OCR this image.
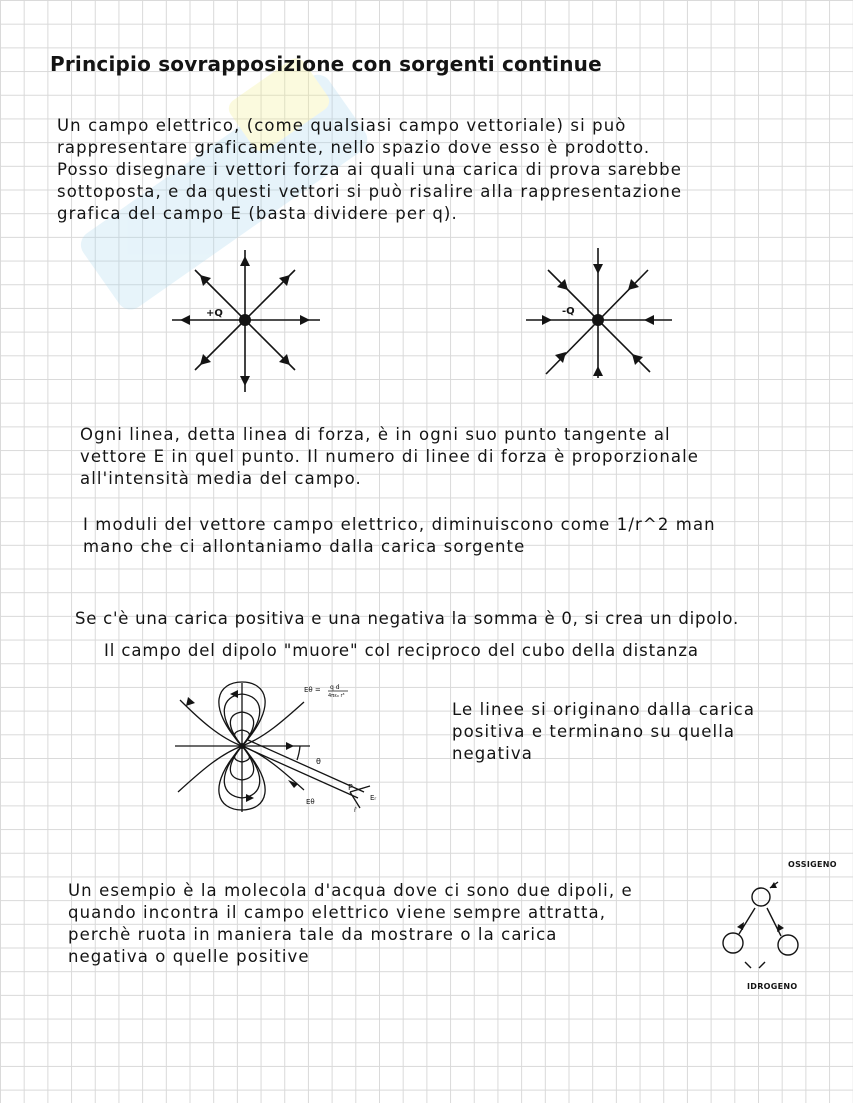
Principio sovrapposizione con sorgenti continue

Un campo elettrico, (come qualsiasi campo vettoriale) si può

rappresentare graficamente, nello spazio dove esso è prodotto.

Posso disegnare i vettori forza ai quali una carica di prova sarebbe

sottoposta, e da questi vettori si può risalire alla rappresentazione

grafica del campo E (basta dividere per q).

+Q	-Q

Ogni linea, detta linea di forza, è in ogni suo punto tangente al

vettore E in quel punto. Il numero di linee di forza è proporzionale

all'intensità media del campo.

I moduli del vettore campo elettrico, diminuiscono come 1/r^2 man

mano che ci allontaniamo dalla carica sorgente

Se c'è una carica positiva e una negativa la somma è 0, si crea un dipolo.

Il campo del dipolo "muore" col reciproco del cubo della distanza

Eθ = q d
4πε₀ r³
θ
P
Eᵣ
Eθ
r̂

Le linee si originano dalla carica

positiva e terminano su quella

negativa

Un esempio è la molecola d'acqua dove ci sono due dipoli, e

quando incontra il campo elettrico viene sempre attratta,

perchè ruota in maniera tale da mostrare o la carica

negativa o quelle positive

OSSIGENO
IDROGENO
